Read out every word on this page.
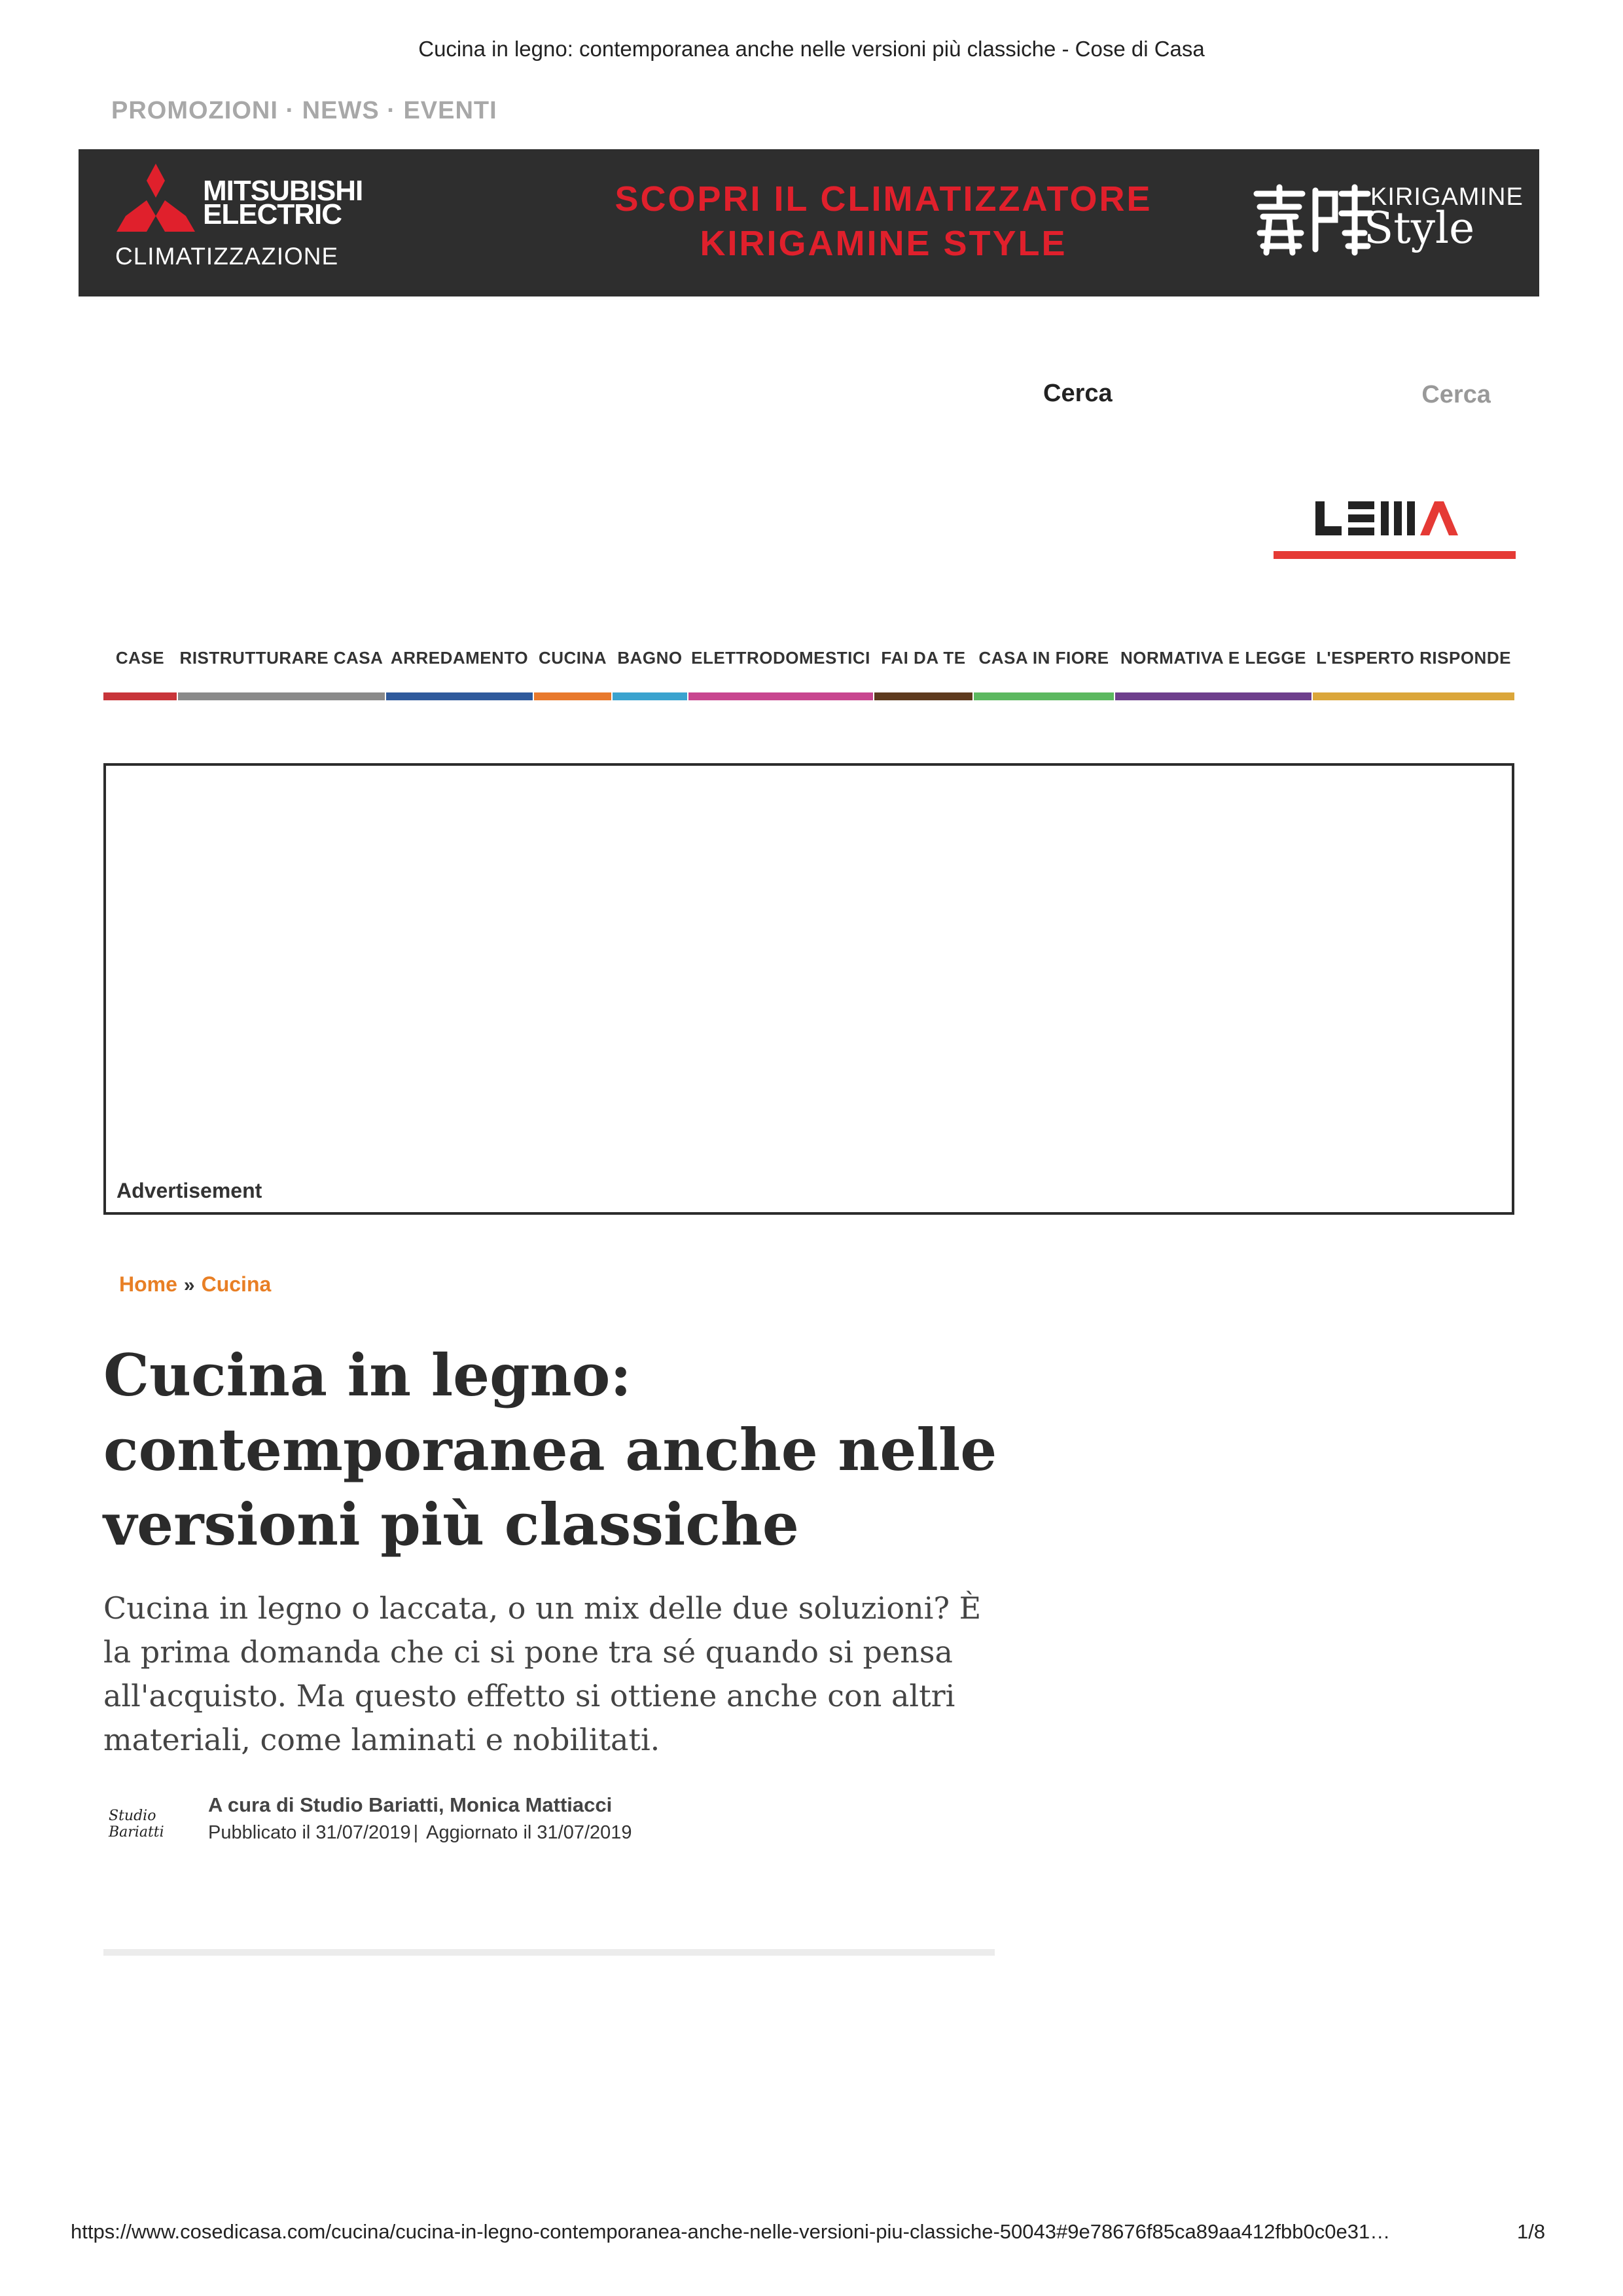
Cucina in legno: contemporanea anche nelle versioni più classiche - Cose di Casa
PROMOZIONI · NEWS · EVENTI
MITSUBISHI
ELECTRIC
CLIMATIZZAZIONE
SCOPRI IL CLIMATIZZATORE
KIRIGAMINE STYLE
KIRIGAMINE
Style
Cerca
Cerca
CASE RISTRUTTURARE CASA ARREDAMENTO CUCINA BAGNO ELETTRODOMESTICI FAI DA TE CASA IN FIORE NORMATIVA E LEGGE L'ESPERTO RISPONDE
Advertisement
Home » Cucina
Cucina in legno: contemporanea anche nelle versioni più classiche

Cucina in legno o laccata, o un mix delle due soluzioni? È la prima domanda che ci si pone tra sé quando si pensa all'acquisto. Ma questo effetto si ottiene anche con altri materiali, come laminati e nobilitati.

Studio Bariatti
A cura di Studio Bariatti, Monica Mattiacci
Pubblicato il 31/07/2019 | Aggiornato il 31/07/2019
https://www.cosedicasa.com/cucina/cucina-in-legno-contemporanea-anche-nelle-versioni-piu-classiche-50043#9e78676f85ca89aa412fbb0c0e31…	1/8
